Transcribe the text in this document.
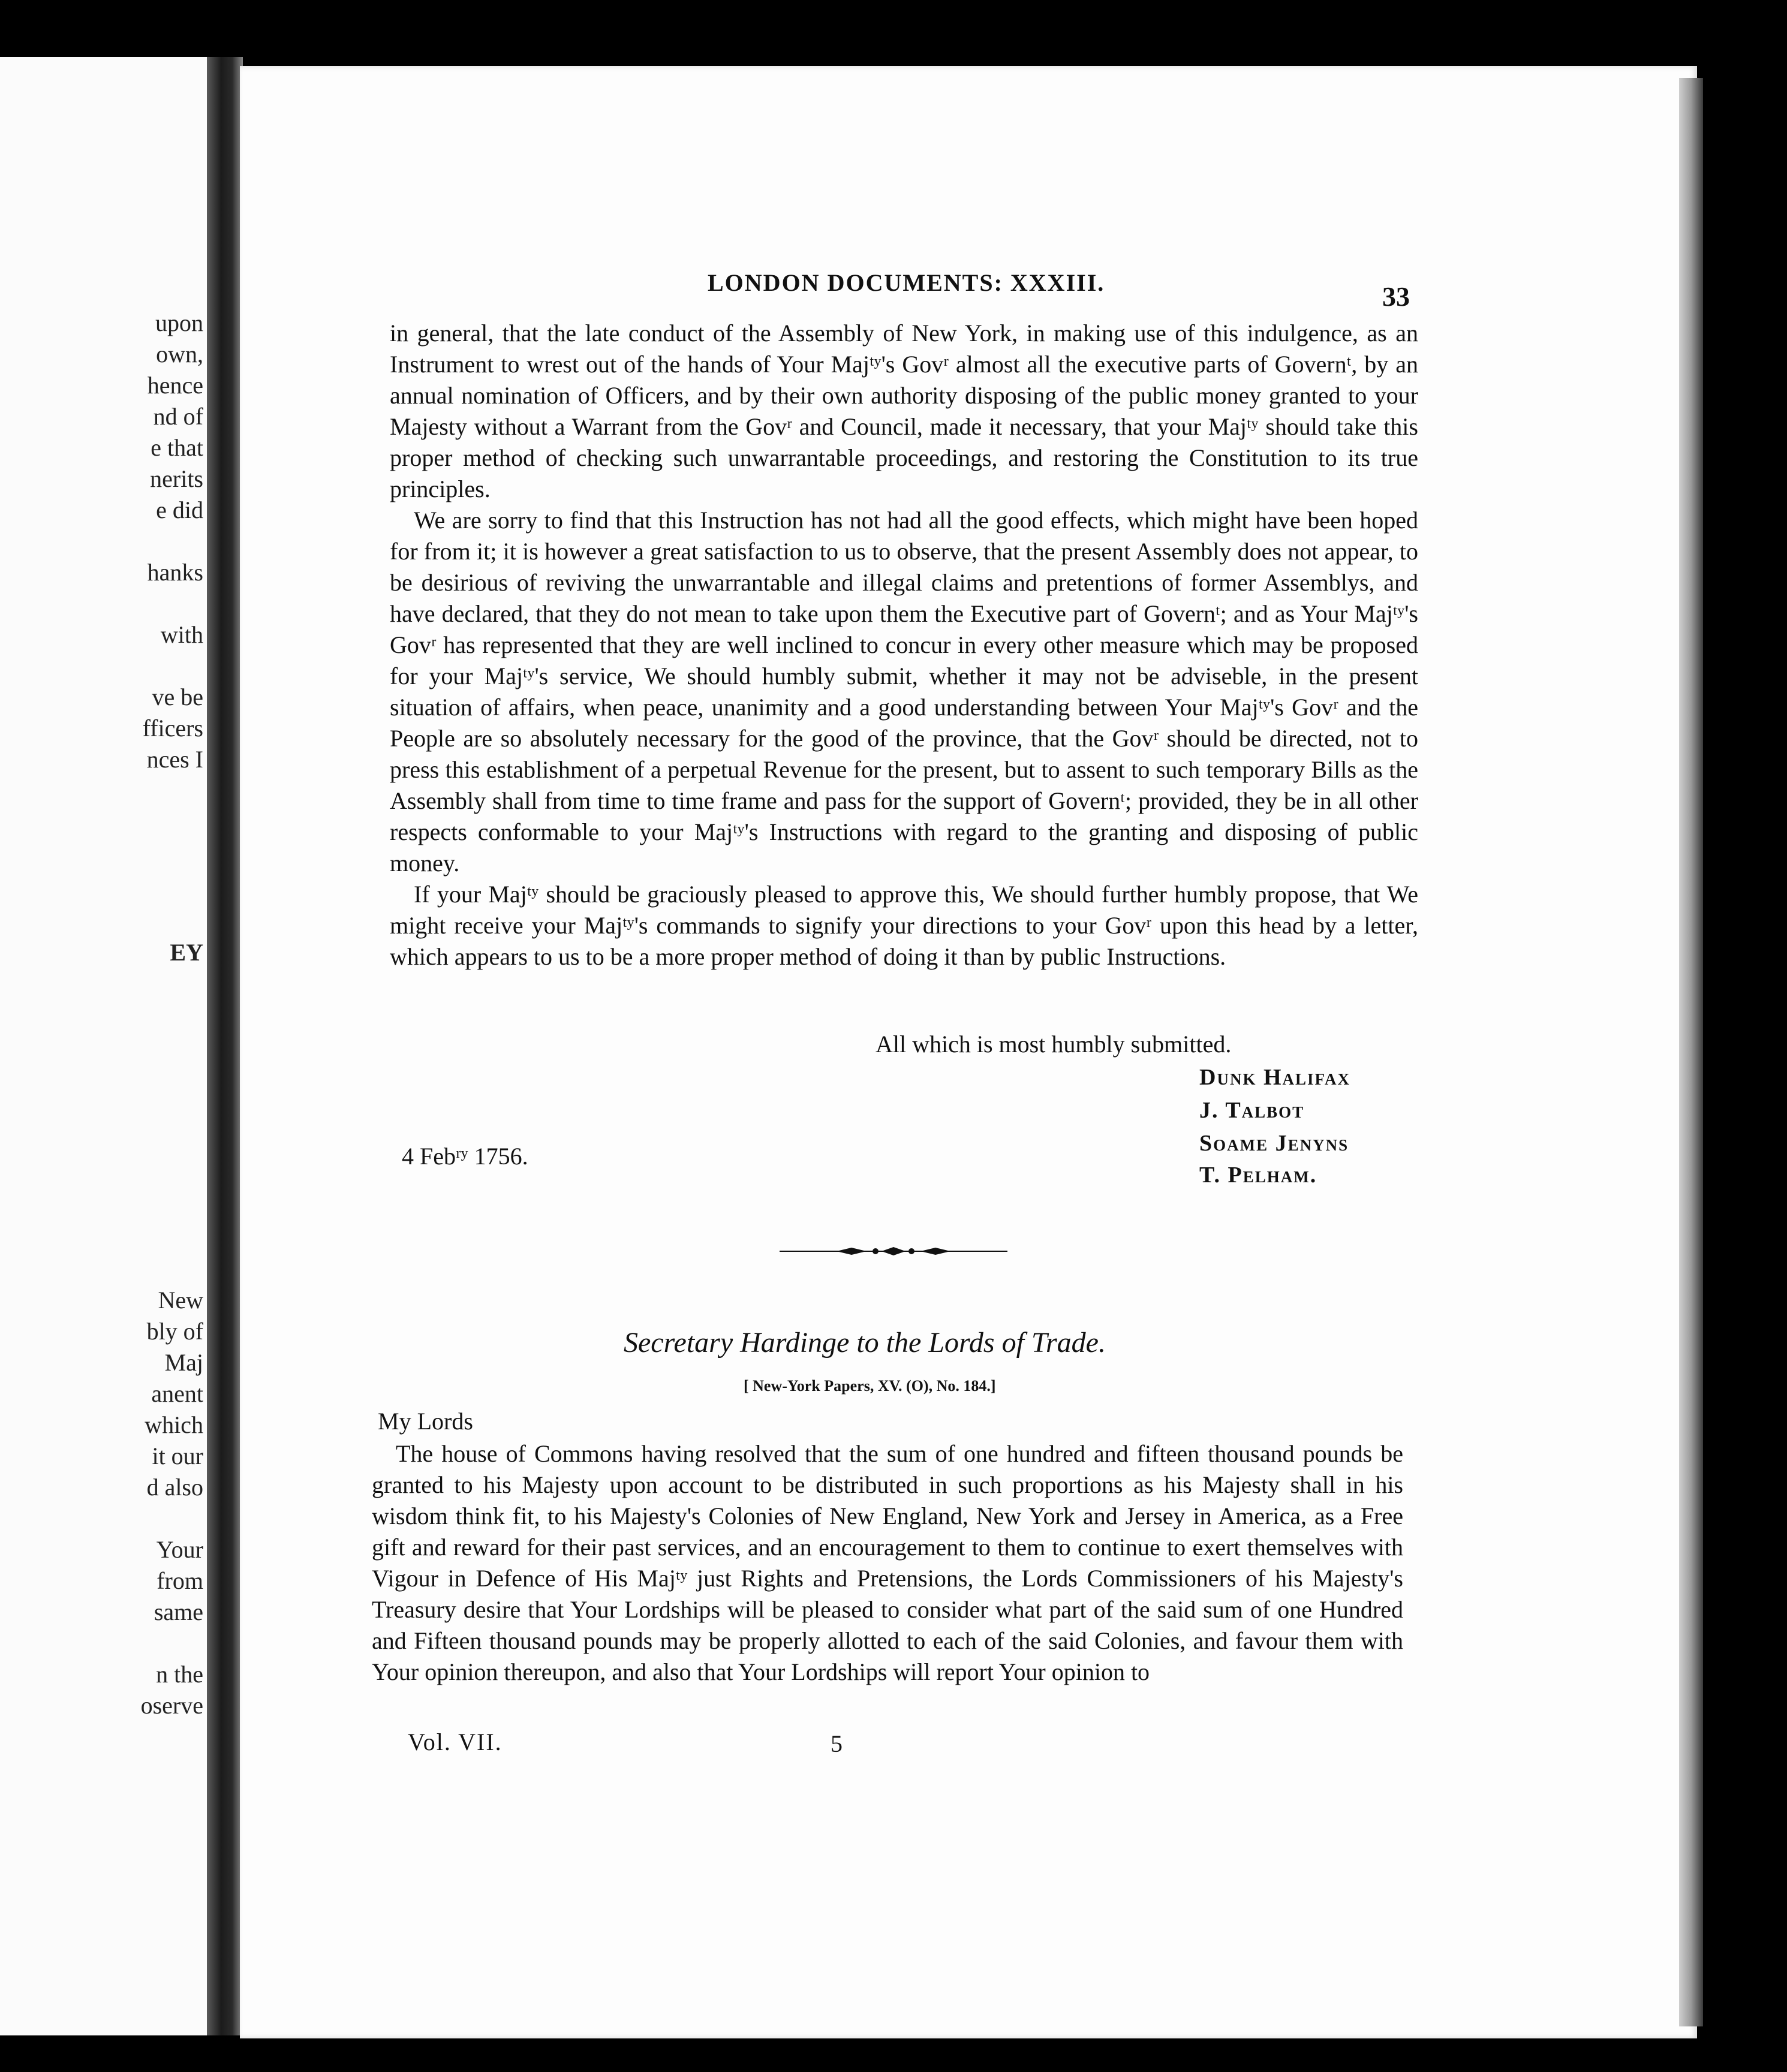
upon
own,
hence
nd of
e that
nerits
e did
hanks
with
ve be
fficers
nces I
EY
New
bly of
Maj
anent
which
it our
d also
Your
from
same
n the
oserve
LONDON DOCUMENTS: XXXIII.	33

in general, that the late conduct of the Assembly of New York, in making use of this indulgence, as an Instrument to wrest out of the hands of Your Majᵗʸ's Govʳ almost all the executive parts of Governᵗ, by an annual nomination of Officers, and by their own authority disposing of the public money granted to your Majesty without a Warrant from the Govʳ and Council, made it necessary, that your Majᵗʸ should take this proper method of checking such unwarrantable proceedings, and restoring the Constitution to its true principles.

We are sorry to find that this Instruction has not had all the good effects, which might have been hoped for from it; it is however a great satisfaction to us to observe, that the present Assembly does not appear, to be desirious of reviving the unwarrantable and illegal claims and pretentions of former Assemblys, and have declared, that they do not mean to take upon them the Executive part of Governᵗ; and as Your Majᵗʸ's Govʳ has represented that they are well inclined to concur in every other measure which may be proposed for your Majᵗʸ's service, We should humbly submit, whether it may not be adviseble, in the present situation of affairs, when peace, unanimity and a good understanding between Your Majᵗʸ's Govʳ and the People are so absolutely necessary for the good of the province, that the Govʳ should be directed, not to press this establishment of a perpetual Revenue for the present, but to assent to such temporary Bills as the Assembly shall from time to time frame and pass for the support of Governᵗ; provided, they be in all other respects conformable to your Majᵗʸ's Instructions with regard to the granting and disposing of public money.

If your Majᵗʸ should be graciously pleased to approve this, We should further humbly propose, that We might receive your Majᵗʸ's commands to signify your directions to your Govʳ upon this head by a letter, which appears to us to be a more proper method of doing it than by public Instructions.

All which is most humbly submitted.
Dunk Halifax
J. Talbot
Soame Jenyns
T. Pelham.
4 Febʳʸ 1756.
Secretary Hardinge to the Lords of Trade.
[ New-York Papers, XV. (O), No. 184.]
My Lords

The house of Commons having resolved that the sum of one hundred and fifteen thousand pounds be granted to his Majesty upon account to be distributed in such proportions as his Majesty shall in his wisdom think fit, to his Majesty's Colonies of New England, New York and Jersey in America, as a Free gift and reward for their past services, and an encouragement to them to continue to exert themselves with Vigour in Defence of His Majᵗʸ just Rights and Pretensions, the Lords Commissioners of his Majesty's Treasury desire that Your Lordships will be pleased to consider what part of the said sum of one Hundred and Fifteen thousand pounds may be properly allotted to each of the said Colonies, and favour them with Your opinion thereupon, and also that Your Lordships will report Your opinion to

Vol. VII.	5
